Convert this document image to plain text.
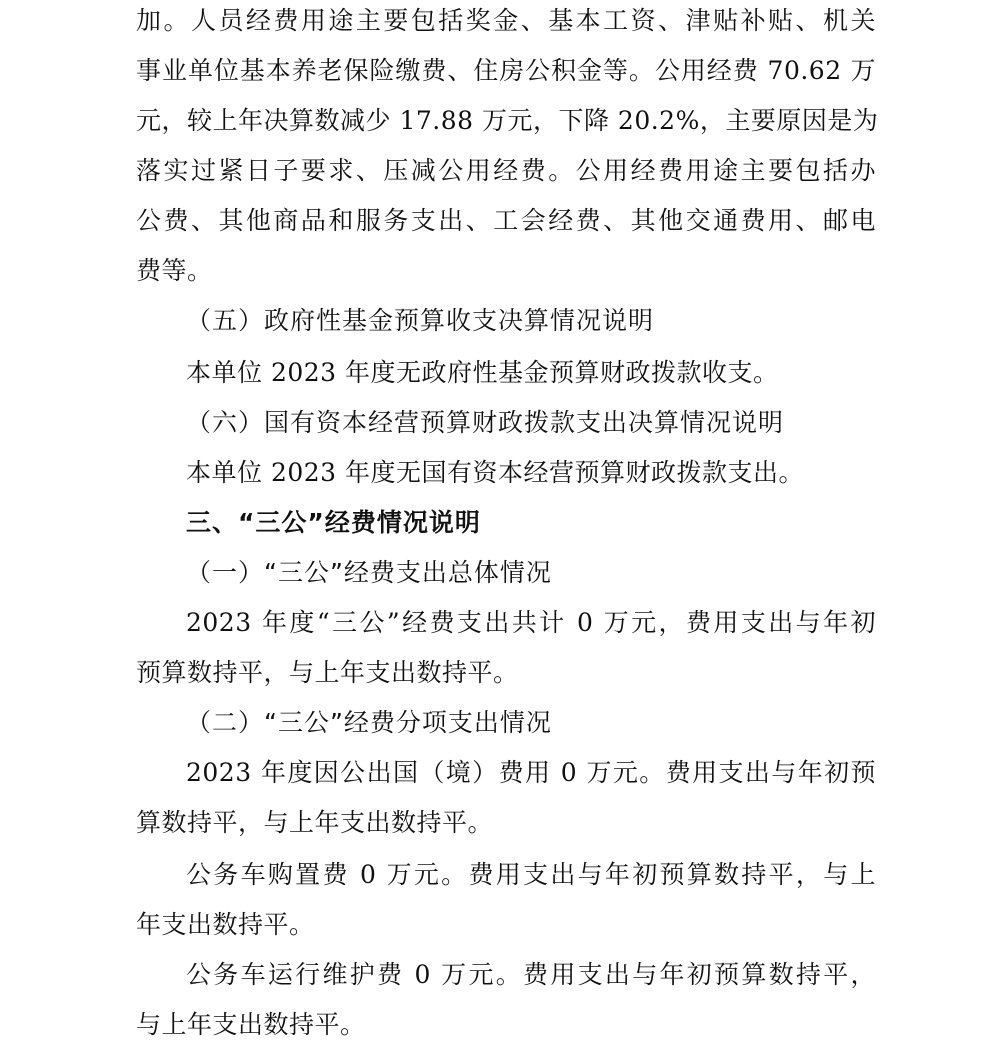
加。人员经费用途主要包括奖金、基本工资、津贴补贴、机关
事业单位基本养老保险缴费、住房公积金等。公用经费 70.62 万
元，较上年决算数减少 17.88 万元，下降 20.2%，主要原因是为
落实过紧日子要求、压减公用经费。公用经费用途主要包括办
公费、其他商品和服务支出、工会经费、其他交通费用、邮电
费等。
（五）政府性基金预算收支决算情况说明
本单位 2023 年度无政府性基金预算财政拨款收支。
（六）国有资本经营预算财政拨款支出决算情况说明
本单位 2023 年度无国有资本经营预算财政拨款支出。
三、“三公”经费情况说明
（一）“三公”经费支出总体情况
2023 年度“三公”经费支出共计 0 万元，费用支出与年初
预算数持平，与上年支出数持平。
（二）“三公”经费分项支出情况
2023 年度因公出国（境）费用 0 万元。费用支出与年初预
算数持平，与上年支出数持平。
公务车购置费 0 万元。费用支出与年初预算数持平，与上
年支出数持平。
公务车运行维护费 0 万元。费用支出与年初预算数持平，
与上年支出数持平。
